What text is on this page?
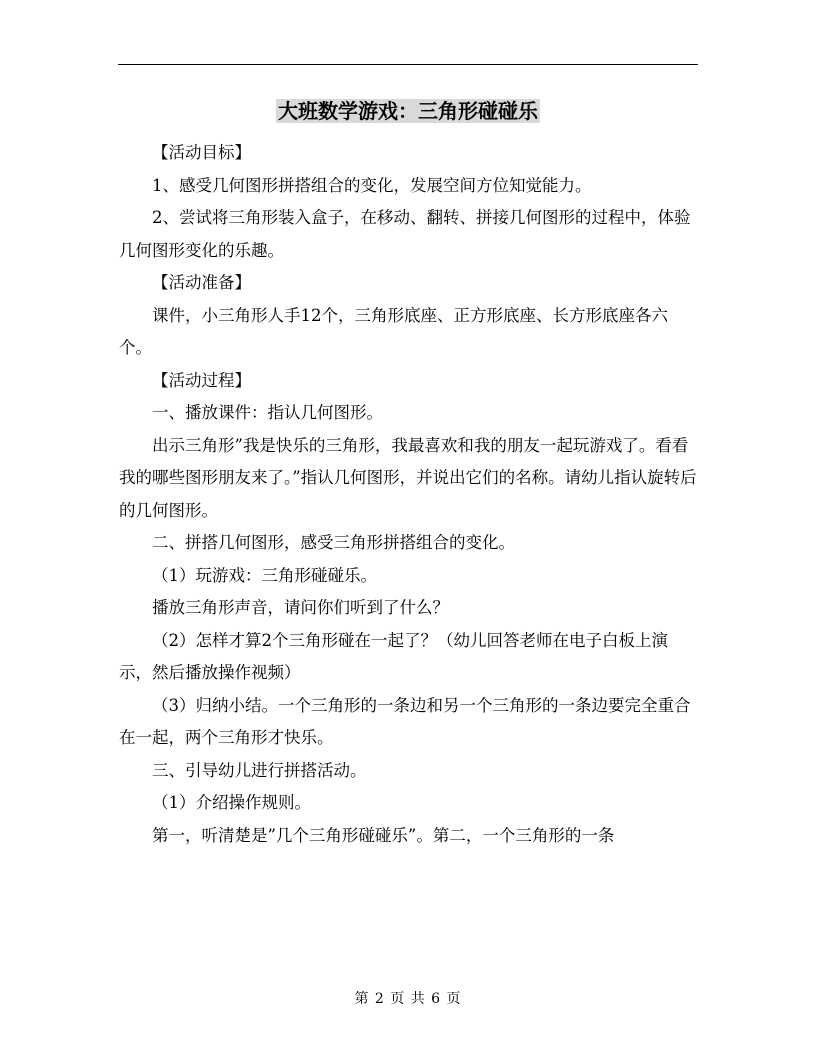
大班数学游戏：三角形碰碰乐

【活动目标】

1、感受几何图形拼搭组合的变化，发展空间方位知觉能力。

2、尝试将三角形装入盒子，在移动、翻转、拼接几何图形的过程中，体验几何图形变化的乐趣。

【活动准备】

课件，小三角形人手12个，三角形底座、正方形底座、长方形底座各六个。

【活动过程】

一、播放课件：指认几何图形。

出示三角形”我是快乐的三角形，我最喜欢和我的朋友一起玩游戏了。看看我的哪些图形朋友来了。”指认几何图形，并说出它们的名称。请幼儿指认旋转后的几何图形。

二、拼搭几何图形，感受三角形拼搭组合的变化。

（1）玩游戏：三角形碰碰乐。

播放三角形声音，请问你们听到了什么？

（2）怎样才算2个三角形碰在一起了？（幼儿回答老师在电子白板上演示，然后播放操作视频）

（3）归纳小结。一个三角形的一条边和另一个三角形的一条边要完全重合在一起，两个三角形才快乐。

三、引导幼儿进行拼搭活动。

（1）介绍操作规则。

第一，听清楚是”几个三角形碰碰乐”。第二，一个三角形的一条

第 2 页 共 6 页
